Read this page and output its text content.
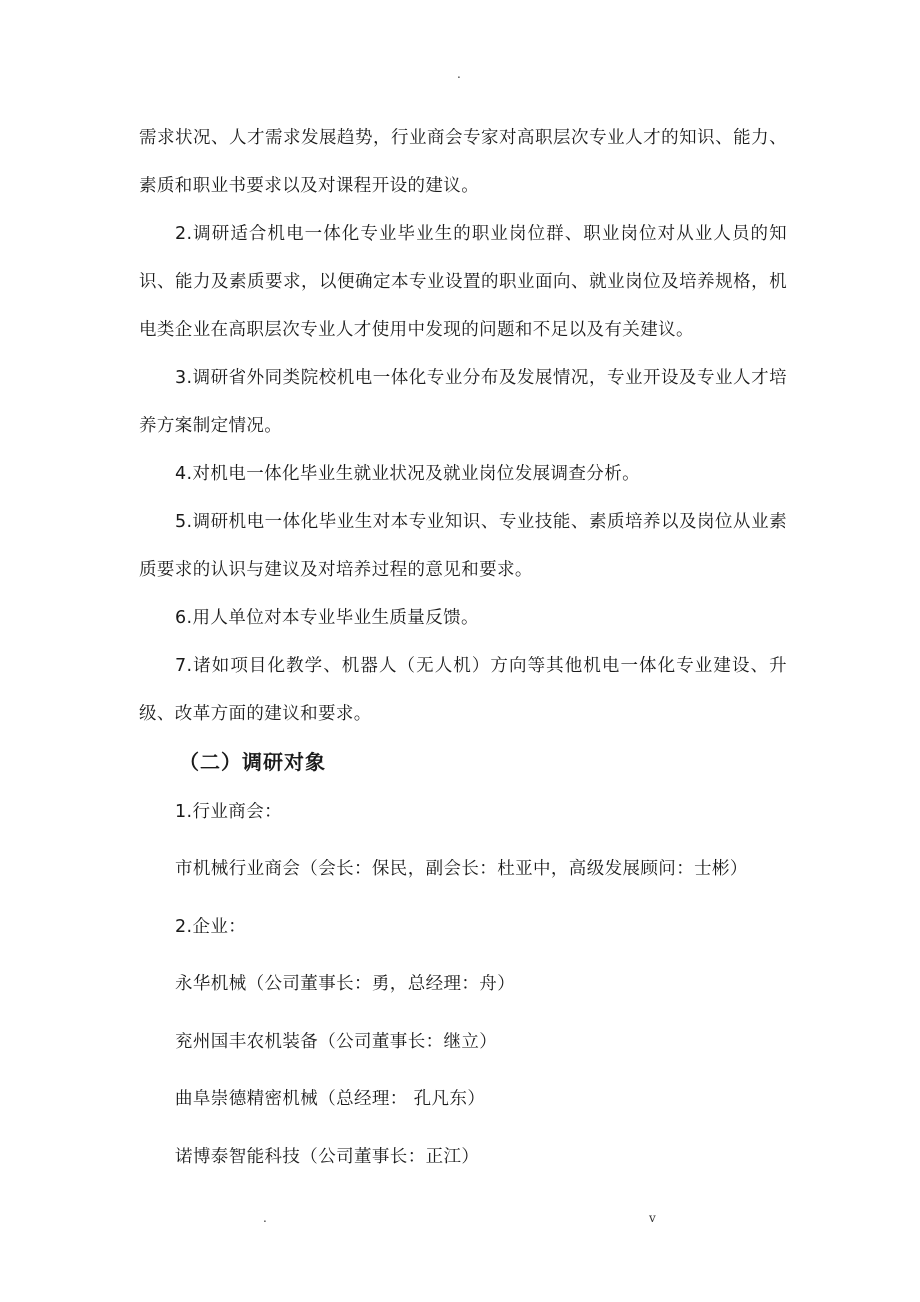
.

需求状况、人才需求发展趋势，行业商会专家对高职层次专业人才的知识、能力、素质和职业书要求以及对课程开设的建议。

2.调研适合机电一体化专业毕业生的职业岗位群、职业岗位对从业人员的知识、能力及素质要求，以便确定本专业设置的职业面向、就业岗位及培养规格，机电类企业在高职层次专业人才使用中发现的问题和不足以及有关建议。

3.调研省外同类院校机电一体化专业分布及发展情况，专业开设及专业人才培养方案制定情况。

4.对机电一体化毕业生就业状况及就业岗位发展调查分析。

5.调研机电一体化毕业生对本专业知识、专业技能、素质培养以及岗位从业素质要求的认识与建议及对培养过程的意见和要求。

6.用人单位对本专业毕业生质量反馈。

7.诸如项目化教学、机器人（无人机）方向等其他机电一体化专业建设、升级、改革方面的建议和要求。

（二）调研对象

1.行业商会：
市机械行业商会（会长：保民，副会长：杜亚中，高级发展顾问：士彬）
2.企业：
永华机械（公司董事长：勇，总经理：舟）
兖州国丰农机装备（公司董事长：继立）
曲阜崇德精密机械（总经理： 孔凡东）
诺博泰智能科技（公司董事长：正江）
.	v
